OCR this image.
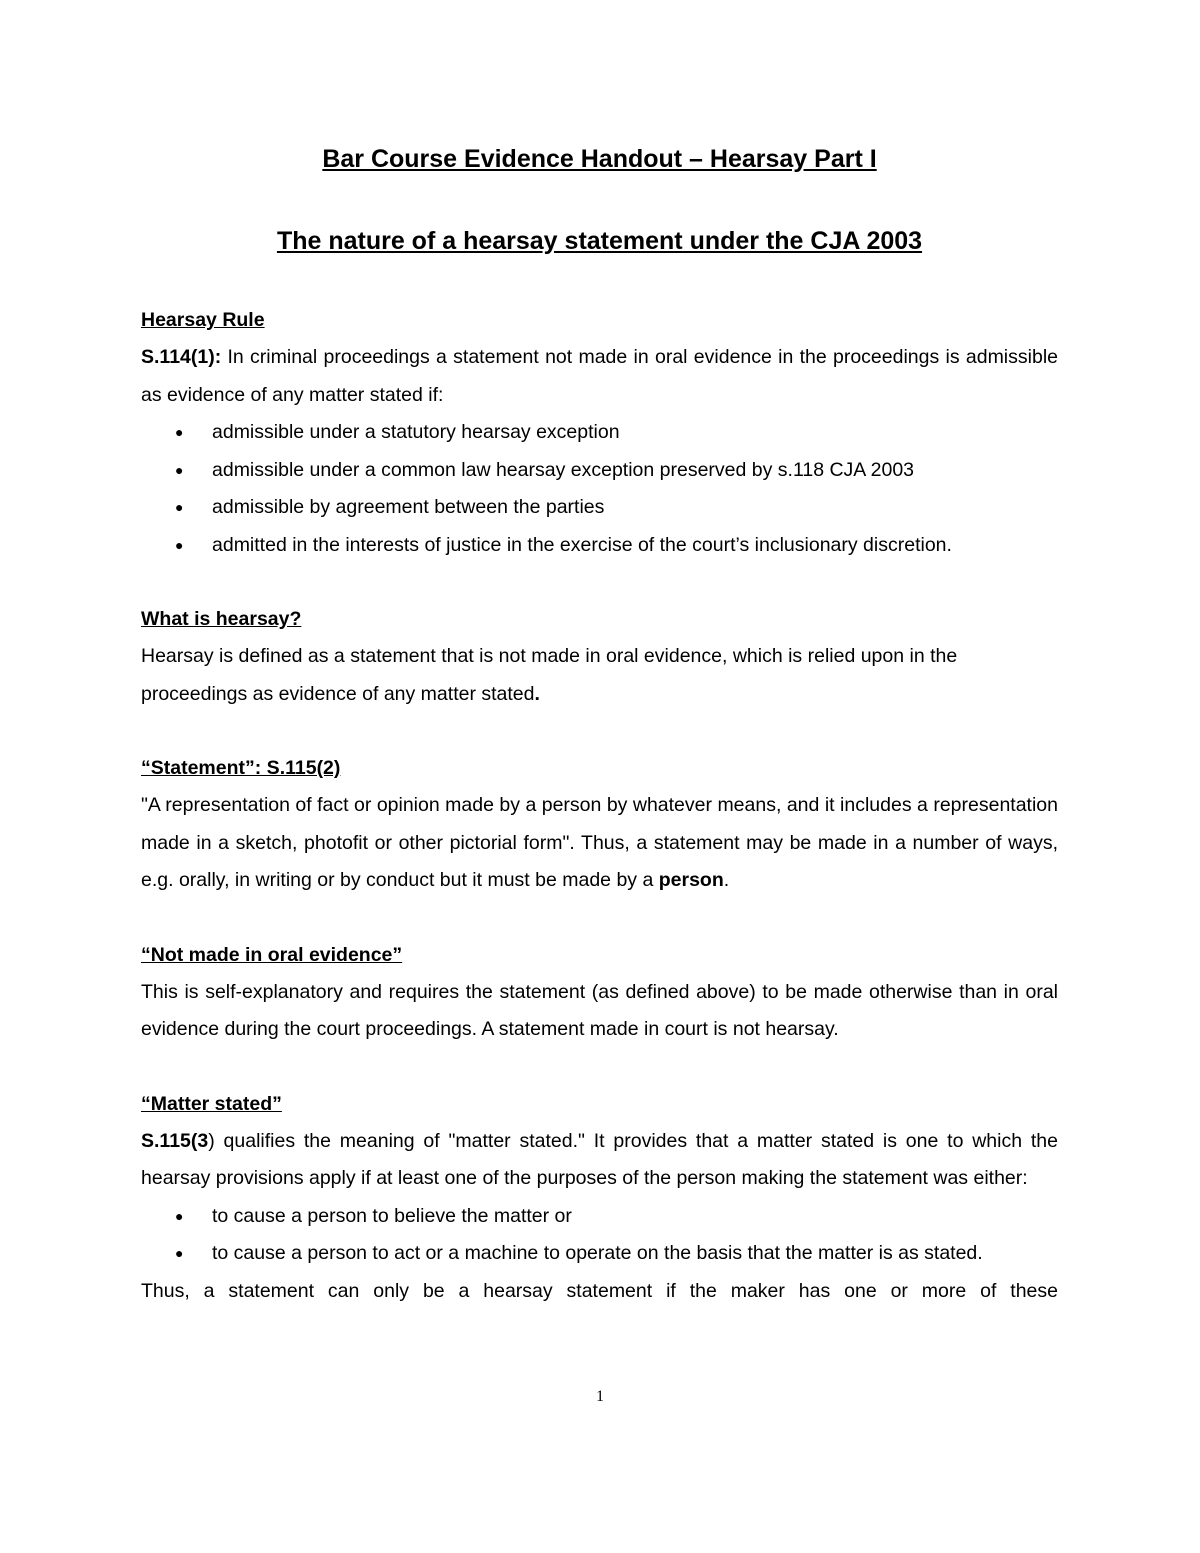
Bar Course Evidence Handout – Hearsay Part I
The nature of a hearsay statement under the CJA 2003
Hearsay Rule

S.114(1): In criminal proceedings a statement not made in oral evidence in the proceedings is admissible as evidence of any matter stated if:

● admissible under a statutory hearsay exception
● admissible under a common law hearsay exception preserved by s.118 CJA 2003
● admissible by agreement between the parties
● admitted in the interests of justice in the exercise of the court’s inclusionary discretion.
What is hearsay?

Hearsay is defined as a statement that is not made in oral evidence, which is relied upon in the proceedings as evidence of any matter stated.

“Statement”: S.115(2)

"A representation of fact or opinion made by a person by whatever means, and it includes a representation made in a sketch, photofit or other pictorial form". Thus, a statement may be made in a number of ways, e.g. orally, in writing or by conduct but it must be made by a person.

“Not made in oral evidence”

This is self-explanatory and requires the statement (as defined above) to be made otherwise than in oral evidence during the court proceedings. A statement made in court is not hearsay.

“Matter stated”

S.115(3) qualifies the meaning of "matter stated." It provides that a matter stated is one to which the hearsay provisions apply if at least one of the purposes of the person making the statement was either:

● to cause a person to believe the matter or
● to cause a person to act or a machine to operate on the basis that the matter is as stated.

Thus, a statement can only be a hearsay statement if the maker has one or more of these

1
